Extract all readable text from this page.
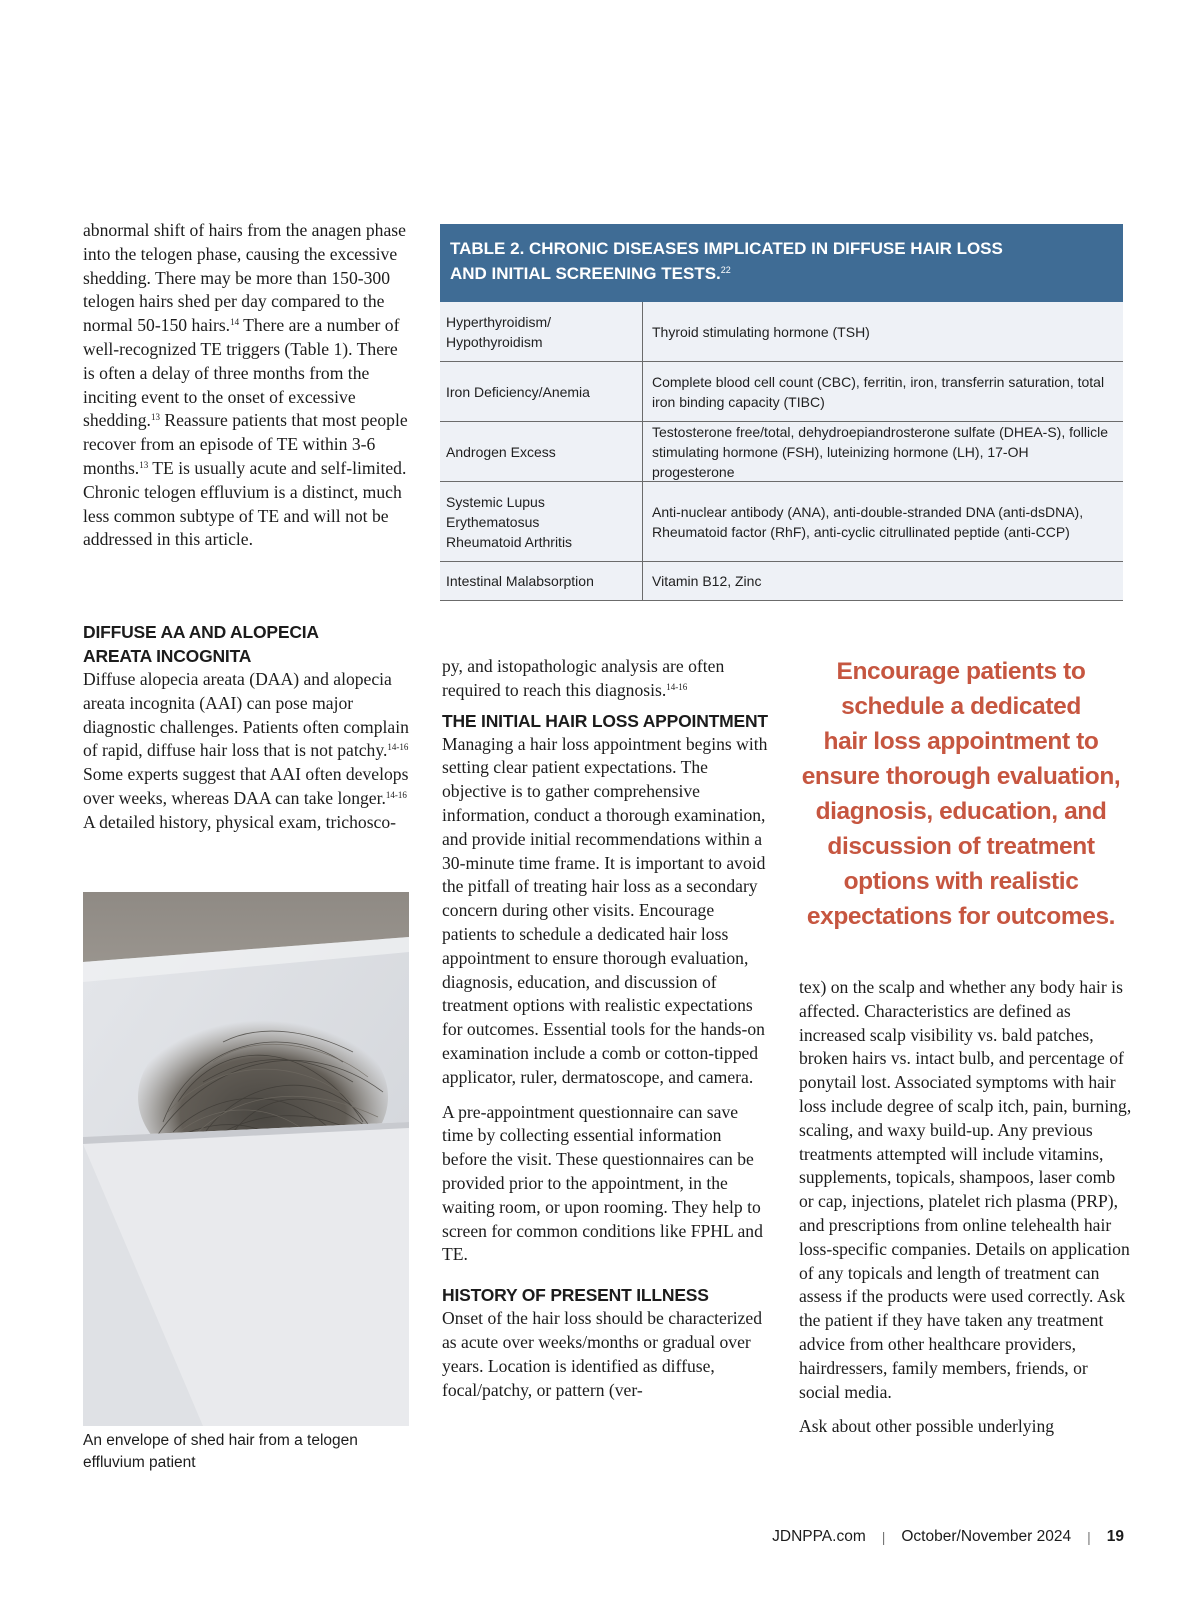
abnormal shift of hairs from the anagen phase into the telogen phase, causing the excessive shedding. There may be more than 150-300 telogen hairs shed per day compared to the normal 50-150 hairs.$^{14}$ There are a number of well-recognized TE triggers (Table 1). There is often a delay of three months from the inciting event to the onset of excessive shedding.$^{13}$ Reassure patients that most people recover from an episode of TE within 3-6 months.$^{13}$ TE is usually acute and self-limited. Chronic telogen effluvium is a distinct, much less common subtype of TE and will not be addressed in this article.

DIFFUSE AA AND ALOPECIA
AREATA INCOGNITA

Diffuse alopecia areata (DAA) and alopecia areata incognita (AAI) can pose major diagnostic challenges. Patients often complain of rapid, diffuse hair loss that is not patchy.$^{14-16}$ Some experts suggest that AAI often develops over weeks, whereas DAA can take longer.$^{14-16}$ A detailed history, physical exam, trichosco-

TABLE 2. CHRONIC DISEASES IMPLICATED IN DIFFUSE HAIR LOSS
AND INITIAL SCREENING TESTS.$^{22}$
Hyperthyroidism/
Hypothyroidism
Thyroid stimulating hormone (TSH)
Iron Deficiency/Anemia
Complete blood cell count (CBC), ferritin, iron, transferrin saturation, total
iron binding capacity (TIBC)
Androgen Excess
Testosterone free/total, dehydroepiandrosterone sulfate (DHEA-S), follicle
stimulating hormone (FSH), luteinizing hormone (LH), 17-OH progesterone
Systemic Lupus
Erythematosus
Rheumatoid Arthritis
Anti-nuclear antibody (ANA), anti-double-stranded DNA (anti-dsDNA),
Rheumatoid factor (RhF), anti-cyclic citrullinated peptide (anti-CCP)
Intestinal Malabsorption	Vitamin B12, Zinc

py, and istopathologic analysis are often required to reach this diagnosis.$^{14-16}$

THE INITIAL HAIR LOSS APPOINTMENT

Managing a hair loss appointment begins with setting clear patient expectations. The objective is to gather comprehensive information, conduct a thorough examination, and provide initial recommendations within a 30-minute time frame. It is important to avoid the pitfall of treating hair loss as a secondary concern during other visits. Encourage patients to schedule a dedicated hair loss appointment to ensure thorough evaluation, diagnosis, education, and discussion of treatment options with realistic expectations for outcomes. Essential tools for the hands-on examination include a comb or cotton-tipped applicator, ruler, dermatoscope, and camera.

A pre-appointment questionnaire can save time by collecting essential information before the visit. These questionnaires can be provided prior to the appointment, in the waiting room, or upon rooming. They help to screen for common conditions like FPHL and TE.

HISTORY OF PRESENT ILLNESS

Onset of the hair loss should be characterized as acute over weeks/months or gradual over years. Location is identified as diffuse, focal/patchy, or pattern (ver-

Encourage patients to
schedule a dedicated
hair loss appointment to
ensure thorough evaluation,
diagnosis, education, and
discussion of treatment
options with realistic
expectations for outcomes.

tex) on the scalp and whether any body hair is affected. Characteristics are defined as increased scalp visibility vs. bald patches, broken hairs vs. intact bulb, and percentage of ponytail lost. Associated symptoms with hair loss include degree of scalp itch, pain, burning, scaling, and waxy build-up. Any previous treatments attempted will include vitamins, supplements, topicals, shampoos, laser comb or cap, injections, platelet rich plasma (PRP), and prescriptions from online telehealth hair loss-specific companies. Details on application of any topicals and length of treatment can assess if the products were used correctly. Ask the patient if they have taken any treatment advice from other healthcare providers, hairdressers, family members, friends, or social media.

Ask about other possible underlying

An envelope of shed hair from a telogen effluvium patient

JDNPPA.com | October/November 2024 | 19
